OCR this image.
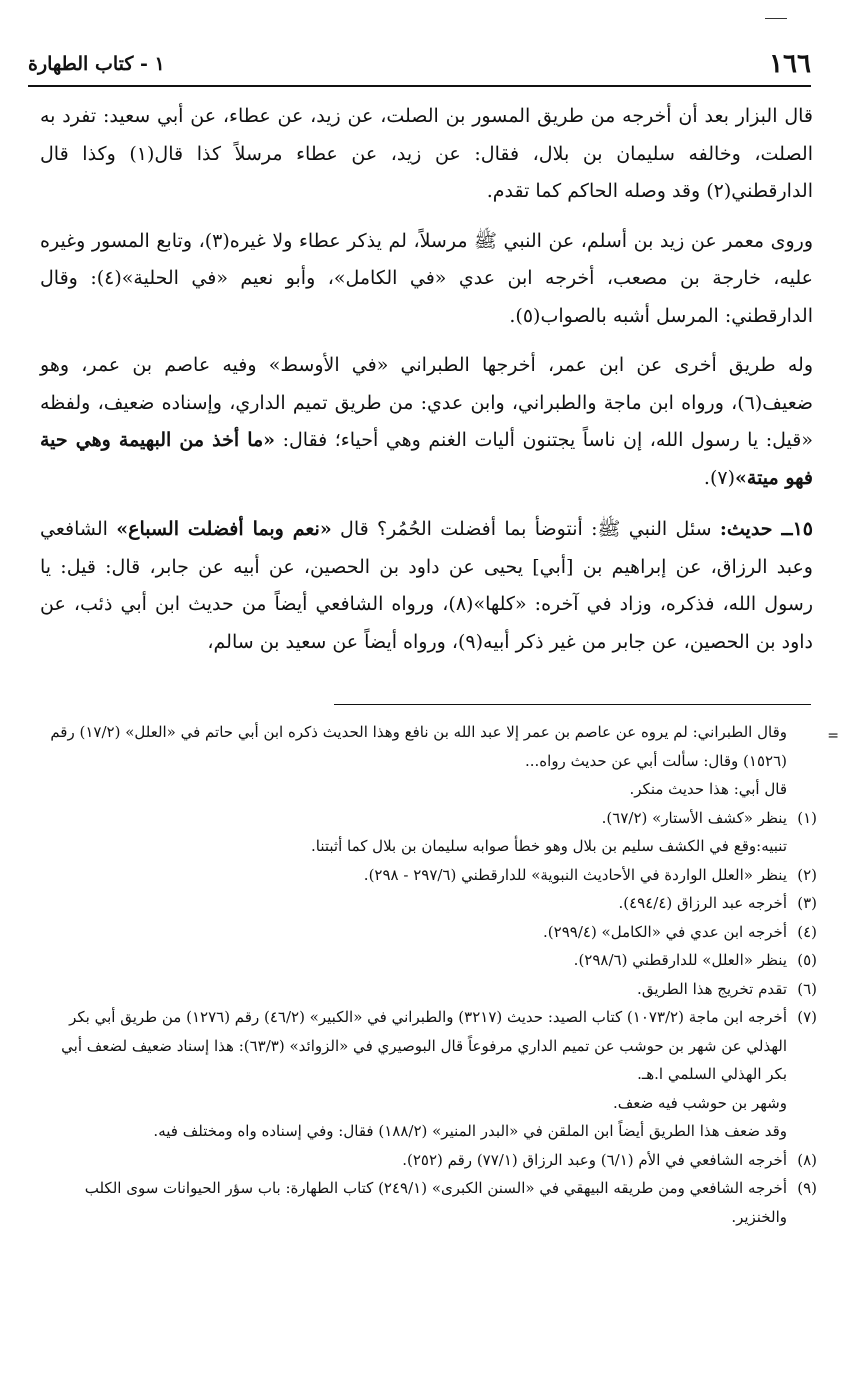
١٦٦
١ - كتاب الطهارة

قال البزار بعد أن أخرجه من طريق المسور بن الصلت، عن زيد، عن عطاء، عن أبي سعيد: تفرد به الصلت، وخالفه سليمان بن بلال، فقال: عن زيد، عن عطاء مرسلاً كذا قال(١) وكذا قال الدارقطني(٢) وقد وصله الحاكم كما تقدم.

وروى معمر عن زيد بن أسلم، عن النبي ﷺ مرسلاً، لم يذكر عطاء ولا غيره(٣)، وتابع المسور وغيره عليه، خارجة بن مصعب، أخرجه ابن عدي «في الكامل»، وأبو نعيم «في الحلية»(٤): وقال الدارقطني: المرسل أشبه بالصواب(٥).

وله طريق أخرى عن ابن عمر، أخرجها الطبراني «في الأوسط» وفيه عاصم بن عمر، وهو ضعيف(٦)، ورواه ابن ماجة والطبراني، وابن عدي: من طريق تميم الداري، وإسناده ضعيف، ولفظه «قيل: يا رسول الله، إن ناساً يجتنون أليات الغنم وهي أحياء؛ فقال: «ما أخذ من البهيمة وهي حية فهو ميتة»(٧).

١٥ــ حديث: سئل النبي ﷺ: أنتوضأ بما أفضلت الحُمُر؟ قال «نعم وبما أفضلت السباع» الشافعي وعبد الرزاق، عن إبراهيم بن [أبي] يحيى عن داود بن الحصين، عن أبيه عن جابر، قال: قيل: يا رسول الله، فذكره، وزاد في آخره: «كلها»(٨)، ورواه الشافعي أيضاً من حديث ابن أبي ذئب، عن داود بن الحصين، عن جابر من غير ذكر أبيه(٩)، ورواه أيضاً عن سعيد بن سالم،

=
وقال الطبراني: لم يروه عن عاصم بن عمر إلا عبد الله بن نافع وهذا الحديث ذكره ابن أبي حاتم في «العلل» (١٧/٢) رقم (١٥٢٦) وقال: سألت أبي عن حديث رواه...
قال أبي: هذا حديث منكر.
(١)
ينظر «كشف الأستار» (٦٧/٢).
تنبيه:وقع في الكشف سليم بن بلال وهو خطأ صوابه سليمان بن بلال كما أثبتنا.
(٢)
ينظر «العلل الواردة في الأحاديث النبوية» للدارقطني (٢٩٧/٦ - ٢٩٨).
(٣)
أخرجه عبد الرزاق (٤٩٤/٤).
(٤)
أخرجه ابن عدي في «الكامل» (٢٩٩/٤).
(٥)
ينظر «العلل» للدارقطني (٢٩٨/٦).
(٦)
تقدم تخريج هذا الطريق.
(٧)
أخرجه ابن ماجة (١٠٧٣/٢) كتاب الصيد: حديث (٣٢١٧) والطبراني في «الكبير» (٤٦/٢) رقم (١٢٧٦) من طريق أبي بكر الهذلي عن شهر بن حوشب عن تميم الداري مرفوعاً قال البوصيري في «الزوائد» (٦٣/٣): هذا إسناد ضعيف لضعف أبي بكر الهذلي السلمي ا.هـ.
وشهر بن حوشب فيه ضعف.
وقد ضعف هذا الطريق أيضاً ابن الملقن في «البدر المنير» (١٨٨/٢) فقال: وفي إسناده واه ومختلف فيه.
(٨)
أخرجه الشافعي في الأم (٦/١) وعبد الرزاق (٧٧/١) رقم (٢٥٢).
(٩)
أخرجه الشافعي ومن طريقه البيهقي في «السنن الكبرى» (٢٤٩/١) كتاب الطهارة: باب سؤر الحيوانات سوى الكلب والخنزير.
